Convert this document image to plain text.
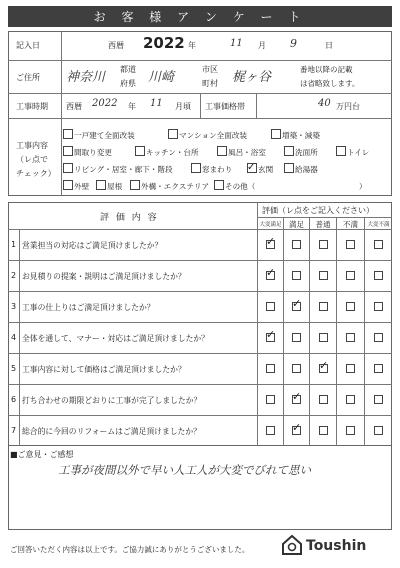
お 客 様 ア ン ケ ー ト
記入日	西暦 2022 年	11 月 9	日
ご住所 神奈川
都道
府県 川崎
市区
町村 梶ヶ谷
番地以降の記載
は省略致します。
工事時期 西暦 2022 年 11 月頃 工事価格帯	40 万円台
工事内容
（レ点で
チェック）
一戸建て全面改装	マンション全面改装	増築・減築
間取り変更	キッチン・台所	風呂・浴室	洗面所	トイレ
リビング・居室・廊下・階段	窓まわり
✓	玄関	給湯器
外壁	屋根	外構・エクステリア	その他（	）
評 価 内 容
評価（レ点をご記入ください）
大変満足	満足	普通	不満	大変不満
1 営業担当の対応はご満足頂けましたか？
✓
2 お見積りの提案・説明はご満足頂けましたか？
✓
3 工事の仕上りはご満足頂けましたか？
✓
4 全体を通して、マナー・対応はご満足頂けましたか？
✓
5 工事内容に対して価格はご満足頂けましたか？
✓
6 打ち合わせの期限どおりに工事が完了しましたか？
✓
7 総合的に今回のリフォームはご満足頂けましたか？
✓
■ご意見・ご感想
工事が夜間以外で早い人工人が大変でびれて思い
ご回答いただく内容は以上です。ご協力誠にありがとうございました。	Toushin
